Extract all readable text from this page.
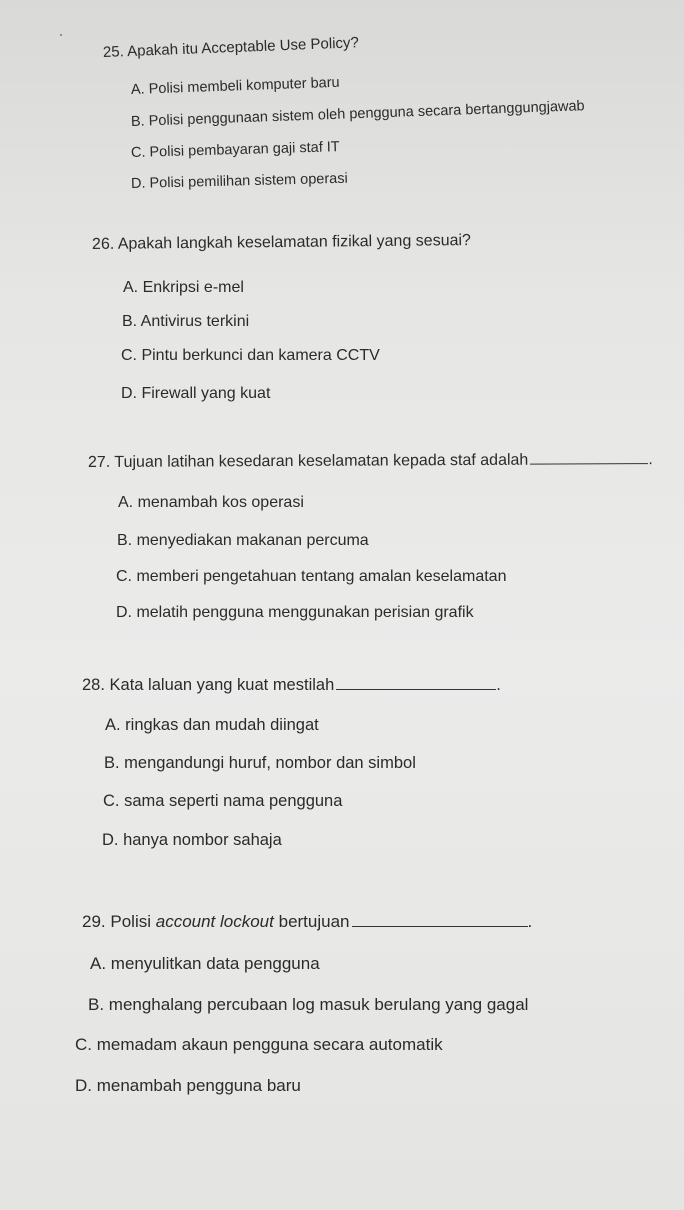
25. Apakah itu Acceptable Use Policy?
A. Polisi membeli komputer baru
B. Polisi penggunaan sistem oleh pengguna secara bertanggungjawab
C. Polisi pembayaran gaji staf IT
D. Polisi pemilihan sistem operasi
26. Apakah langkah keselamatan fizikal yang sesuai?
A. Enkripsi e-mel
B. Antivirus terkini
C. Pintu berkunci dan kamera CCTV
D. Firewall yang kuat
27. Tujuan latihan kesedaran keselamatan kepada staf adalah	.
A. menambah kos operasi
B. menyediakan makanan percuma
C. memberi pengetahuan tentang amalan keselamatan
D. melatih pengguna menggunakan perisian grafik
28. Kata laluan yang kuat mestilah	.
A. ringkas dan mudah diingat
B. mengandungi huruf, nombor dan simbol
C. sama seperti nama pengguna
D. hanya nombor sahaja
29. Polisi account lockout bertujuan	.
A. menyulitkan data pengguna
B. menghalang percubaan log masuk berulang yang gagal
C. memadam akaun pengguna secara automatik
D. menambah pengguna baru
